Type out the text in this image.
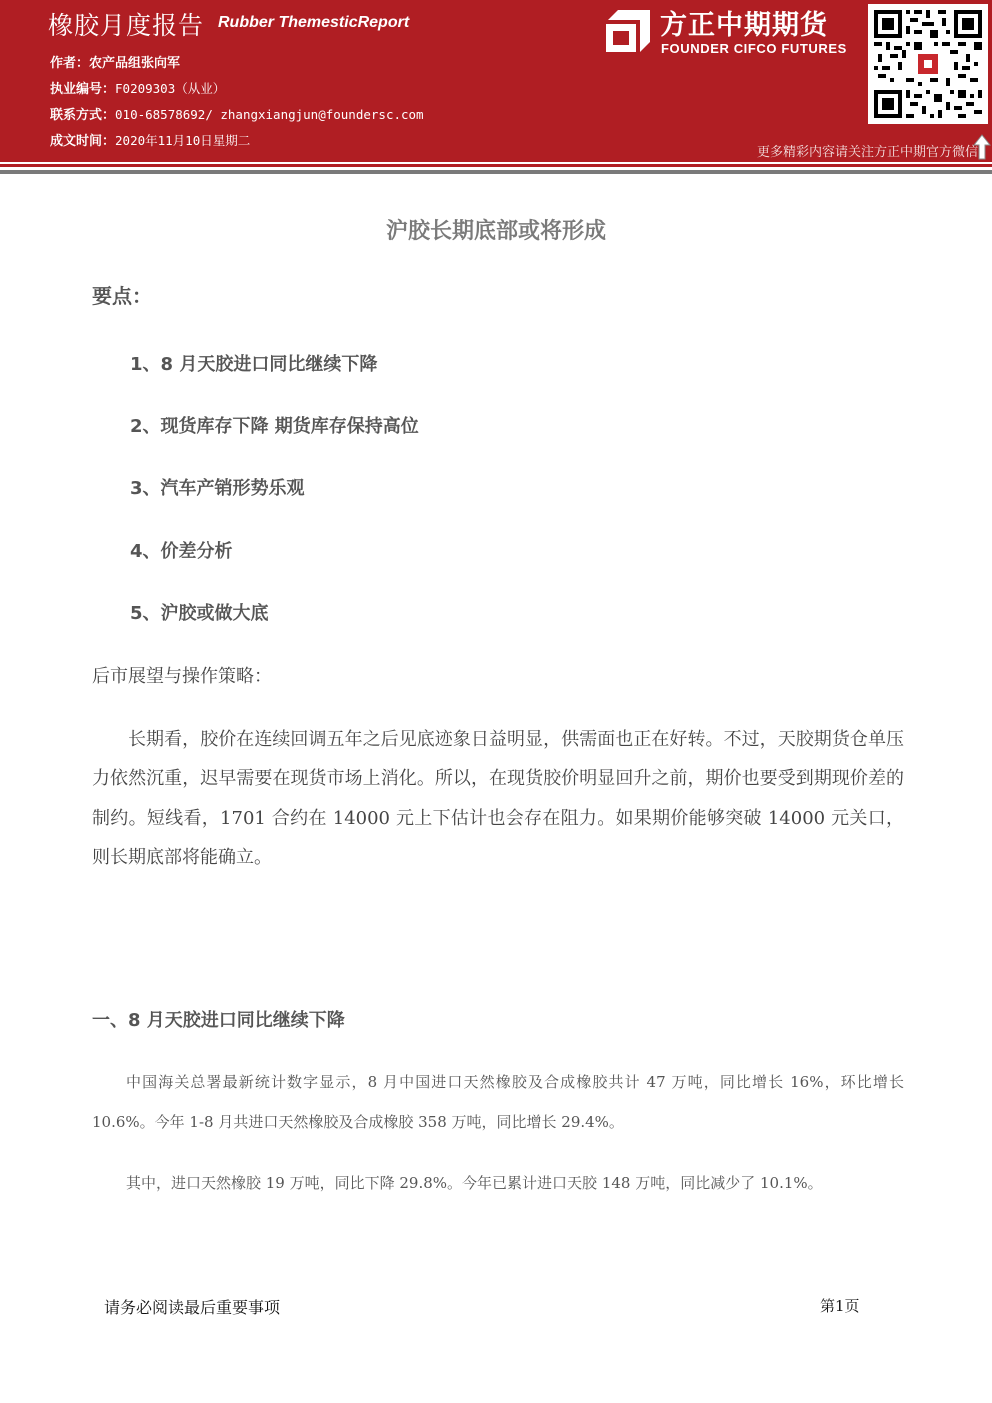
橡胶月度报告 Rubber ThemesticReport
作者：农产品组张向军
执业编号：F0209303（从业）
联系方式：010-68578692/ zhangxiangjun@foundersc.com
成文时间：2020年11月10日星期二
方正中期期货
FOUNDER CIFCO FUTURES
更多精彩内容请关注方正中期官方微信
沪胶长期底部或将形成
要点：
1、8 月天胶进口同比继续下降
2、现货库存下降 期货库存保持高位
3、汽车产销形势乐观
4、价差分析
5、沪胶或做大底
后市展望与操作策略：

长期看，胶价在连续回调五年之后见底迹象日益明显，供需面也正在好转。不过，天胶期货仓单压力依然沉重，迟早需要在现货市场上消化。所以，在现货胶价明显回升之前，期价也要受到期现价差的制约。短线看，1701 合约在 14000 元上下估计也会存在阻力。如果期价能够突破 14000 元关口，则长期底部将能确立。

一、8 月天胶进口同比继续下降

中国海关总署最新统计数字显示，8 月中国进口天然橡胶及合成橡胶共计 47 万吨，同比增长 16%，环比增长 10.6%。今年 1-8 月共进口天然橡胶及合成橡胶 358 万吨，同比增长 29.4%。

其中，进口天然橡胶 19 万吨，同比下降 29.8%。今年已累计进口天胶 148 万吨，同比减少了 10.1%。

请务必阅读最后重要事项	第1页
